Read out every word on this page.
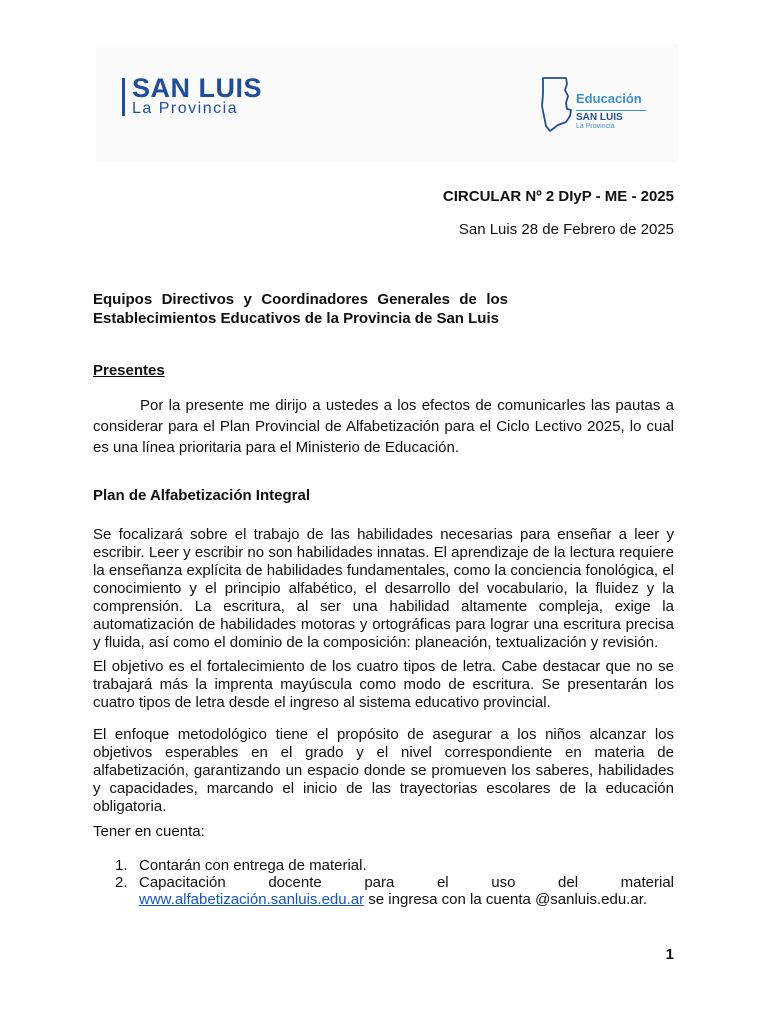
SAN LUIS
La Provincia
Educación
SAN LUIS
La Provincia
CIRCULAR Nº 2 DIyP - ME - 2025
San Luis 28 de Febrero de 2025
Equipos Directivos y Coordinadores Generales de los Establecimientos Educativos de la Provincia de San Luis
Presentes
Por la presente me dirijo a ustedes a los efectos de comunicarles las pautas a considerar para el Plan Provincial de Alfabetización para el Ciclo Lectivo 2025, lo cual es una línea prioritaria para el Ministerio de Educación.
Plan de Alfabetización Integral
Se focalizará sobre el trabajo de las habilidades necesarias para enseñar a leer y escribir. Leer y escribir no son habilidades innatas. El aprendizaje de la lectura requiere la enseñanza explícita de habilidades fundamentales, como la conciencia fonológica, el conocimiento y el principio alfabético, el desarrollo del vocabulario, la fluidez y la comprensión. La escritura, al ser una habilidad altamente compleja, exige la automatización de habilidades motoras y ortográficas para lograr una escritura precisa y fluida, así como el dominio de la composición: planeación, textualización y revisión.
El objetivo es el fortalecimiento de los cuatro tipos de letra. Cabe destacar que no se trabajará más la imprenta mayúscula como modo de escritura. Se presentarán los cuatro tipos de letra desde el ingreso al sistema educativo provincial.
El enfoque metodológico tiene el propósito de asegurar a los niños alcanzar los objetivos esperables en el grado y el nivel correspondiente en materia de alfabetización, garantizando un espacio donde se promueven los saberes, habilidades y capacidades, marcando el inicio de las trayectorias escolares de la educación obligatoria.
Tener en cuenta:
1. Contarán con entrega de material.
2. Capacitación docente para el uso del material
www.alfabetización.sanluis.edu.ar se ingresa con la cuenta @sanluis.edu.ar.
1
